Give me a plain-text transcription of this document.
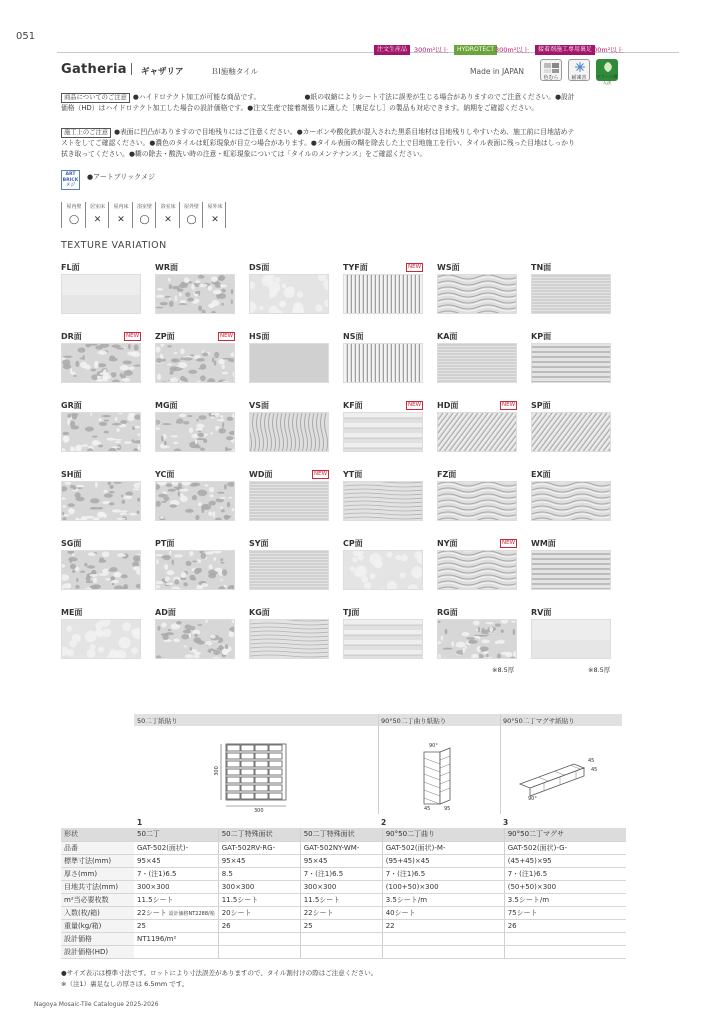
051
注文生産品	300m²以上	HYDROTECT 300m²以上	接着剤施工専用裏足
300m²以上
Gatheria ギャザリア	ＢⅠ施釉タイル	Made in JAPAN
色むら	耐凍害	グリーン購入法
商品についてのご注意 ●ハイドロテクト加工が可能な商品です。　　　　　　　●紙の収縮によりシート寸法に誤差が生じる場合がありますのでご注意ください。●設計
価格（HD）はハイドロテクト加工した場合の設計価格です。●注文生産で接着剤張りに適した［裏足なし］の製品も対応できます。納期をご確認ください。
施工上のご注意 ●表面に凹凸がありますので目地残りにはご注意ください。●カーボンや酸化鉄が混入された黒系目地材は目地残りしやすいため、施工前に目地詰めテ
ストをしてご確認ください。●濃色のタイルは虹彩現象が目立つ場合があります。●タイル表面の糊を除去した上で目地施工を行い、タイル表面に残った目地はしっかり
拭き取ってください。●糊の除去・酸洗い時の注意・虹彩現象については「タイルのメンテナンス」をご確認ください。
ART
BRICK
メジ
●アートブリックメジ
屋内壁
◯
居室床
✕
屋内床
✕
浴室壁
◯
浴室床
✕
屋外壁
◯
屋外床
✕
TEXTURE VARIATION
FL面	WR面	DS面	TYF面	NEW WS面	TN面
DR面	NEW ZP面	NEW HS面	NS面	KA面	KP面
GR面	MG面	VS面	KF面	NEW HD面	NEW SP面
SH面	YC面	WD面	NEW YT面	FZ面	EX面
SG面	PT面	SY面	CP面	NY面	NEW WM面
ME面	AD面	KG面	TJ面	RG面	RV面
※8.5厚	※8.5厚
50二丁紙貼り	90°50二丁曲り紙貼り	90°50二丁マグサ紙貼り
300
300
90°
45	95
45
45
90°
1	2	3
形状	50二丁	50二丁特殊面状	50二丁特殊面状	90°50二丁曲り	90°50二丁マグサ
品番	GAT-502(面状)-	GAT-502RV-RG-	GAT-502NY-WM-	GAT-502(面状)-M-	GAT-502(面状)-G-
標準寸法(mm)	95×45	95×45	95×45	(95+45)×45	(45+45)×95
厚さ(mm)	7・(注1)6.5	8.5	7・(注1)6.5	7・(注1)6.5	7・(注1)6.5
目地共寸法(mm)	300×300	300×300	300×300	(100+50)×300	(50+50)×300
m²当必要枚数	11.5シート	11.5シート	11.5シート	3.5シート/m	3.5シート/m
入数(枚/箱)	22シート 設計価格NT2288/箱	20シート	22シート	40シート	75シート
重量(kg/箱)	25	26	25	22	26
設計価格	NT1196/m²				
設計価格(HD)					
●サイズ表示は標準寸法です。ロットにより寸法誤差がありますので、タイル割付けの際はご注意ください。
※（注1）裏足なしの厚さは 6.5mm です。
Nagoya Mosaic-Tile Catalogue 2025-2026
